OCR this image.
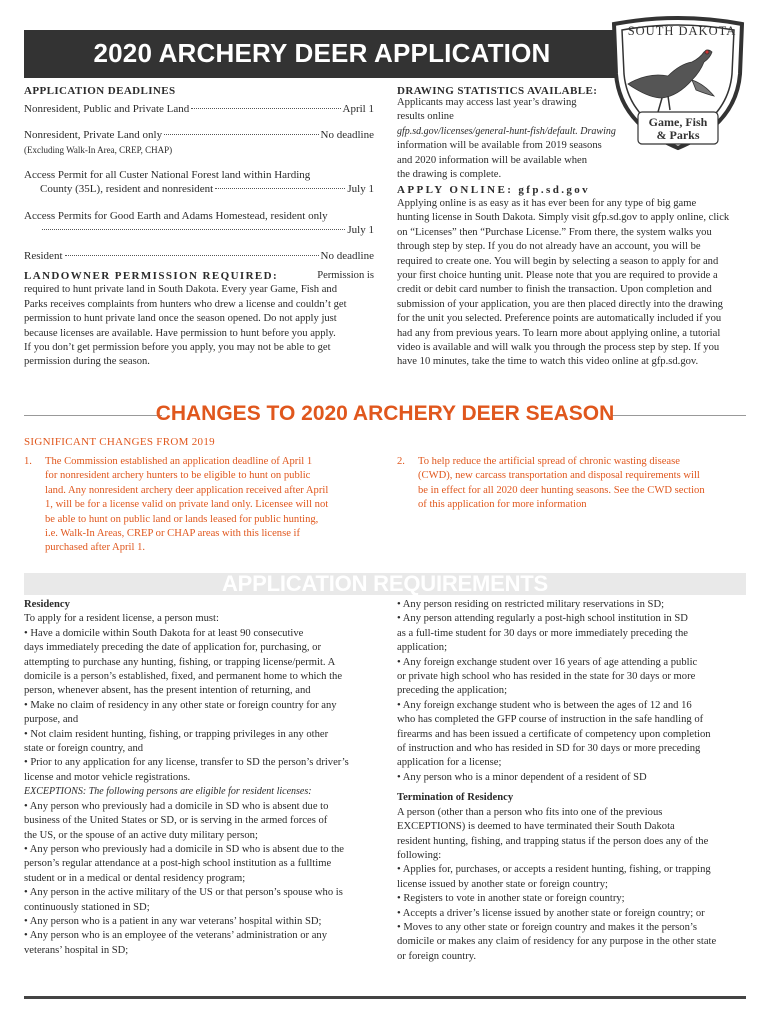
2020 ARCHERY DEER APPLICATION
SOUTH DAKOTA
Game, Fish
& Parks
APPLICATION DEADLINES
Nonresident, Public and Private Land	April 1
Nonresident, Private Land only	No deadline
(Excluding Walk-In Area, CREP, CHAP)
Access Permit for all Custer National Forest land within Harding
County (35L), resident and nonresident	July 1
Access Permits for Good Earth and Adams Homestead, resident only
July 1
Resident	No deadline
LANDOWNER PERMISSION REQUIRED:	Permission is
required to hunt private land in South Dakota. Every year Game, Fish and
Parks receives complaints from hunters who drew a license and couldn’t get
permission to hunt private land once the season opened. Do not apply just
because licenses are available. Have permission to hunt before you apply.
If you don’t get permission before you apply, you may not be able to get
permission during the season.
DRAWING STATISTICS AVAILABLE:
Applicants may access last year’s drawing
results online
gfp.sd.gov/licenses/general-hunt-fish/default. Drawing
information will be available from 2019 seasons
and 2020 information will be available when
the drawing is complete.
APPLY ONLINE: gfp.sd.gov
Applying online is as easy as it has ever been for any type of big game
hunting license in South Dakota. Simply visit gfp.sd.gov to apply online, click
on “Licenses” then “Purchase License.” From there, the system walks you
through step by step. If you do not already have an account, you will be
required to create one. You will begin by selecting a season to apply for and
your first choice hunting unit. Please note that you are required to provide a
credit or debit card number to finish the transaction. Upon completion and
submission of your application, you are then placed directly into the drawing
for the unit you selected. Preference points are automatically included if you
had any from previous years. To learn more about applying online, a tutorial
video is available and will walk you through the process step by step. If you
have 10 minutes, take the time to watch this video online at gfp.sd.gov.
CHANGES TO 2020 ARCHERY DEER SEASON
SIGNIFICANT CHANGES FROM 2019
1. The Commission established an application deadline of April 1
for nonresident archery hunters to be eligible to hunt on public
land. Any nonresident archery deer application received after April
1, will be for a license valid on private land only. Licensee will not
be able to hunt on public land or lands leased for public hunting,
i.e. Walk-In Areas, CREP or CHAP areas with this license if
purchased after April 1.
2. To help reduce the artificial spread of chronic wasting disease
(CWD), new carcass transportation and disposal requirements will
be in effect for all 2020 deer hunting seasons. See the CWD section
of this application for more information
APPLICATION REQUIREMENTS
Residency
To apply for a resident license, a person must:
• Have a domicile within South Dakota for at least 90 consecutive
days immediately preceding the date of application for, purchasing, or
attempting to purchase any hunting, fishing, or trapping license/permit. A
domicile is a person’s established, fixed, and permanent home to which the
person, whenever absent, has the present intention of returning, and
• Make no claim of residency in any other state or foreign country for any
purpose, and
• Not claim resident hunting, fishing, or trapping privileges in any other
state or foreign country, and
• Prior to any application for any license, transfer to SD the person’s driver’s
license and motor vehicle registrations.
EXCEPTIONS: The following persons are eligible for resident licenses:
• Any person who previously had a domicile in SD who is absent due to
business of the United States or SD, or is serving in the armed forces of
the US, or the spouse of an active duty military person;
• Any person who previously had a domicile in SD who is absent due to the
person’s regular attendance at a post-high school institution as a fulltime
student or in a medical or dental residency program;
• Any person in the active military of the US or that person’s spouse who is
continuously stationed in SD;
• Any person who is a patient in any war veterans’ hospital within SD;
• Any person who is an employee of the veterans’ administration or any
veterans’ hospital in SD;
• Any person residing on restricted military reservations in SD;
• Any person attending regularly a post-high school institution in SD
as a full-time student for 30 days or more immediately preceding the
application;
• Any foreign exchange student over 16 years of age attending a public
or private high school who has resided in the state for 30 days or more
preceding the application;
• Any foreign exchange student who is between the ages of 12 and 16
who has completed the GFP course of instruction in the safe handling of
firearms and has been issued a certificate of competency upon completion
of instruction and who has resided in SD for 30 days or more preceding
application for a license;
• Any person who is a minor dependent of a resident of SD
Termination of Residency
A person (other than a person who fits into one of the previous
EXCEPTIONS) is deemed to have terminated their South Dakota
resident hunting, fishing, and trapping status if the person does any of the
following:
• Applies for, purchases, or accepts a resident hunting, fishing, or trapping
license issued by another state or foreign country;
• Registers to vote in another state or foreign country;
• Accepts a driver’s license issued by another state or foreign country; or
• Moves to any other state or foreign country and makes it the person’s
domicile or makes any claim of residency for any purpose in the other state
or foreign country.
